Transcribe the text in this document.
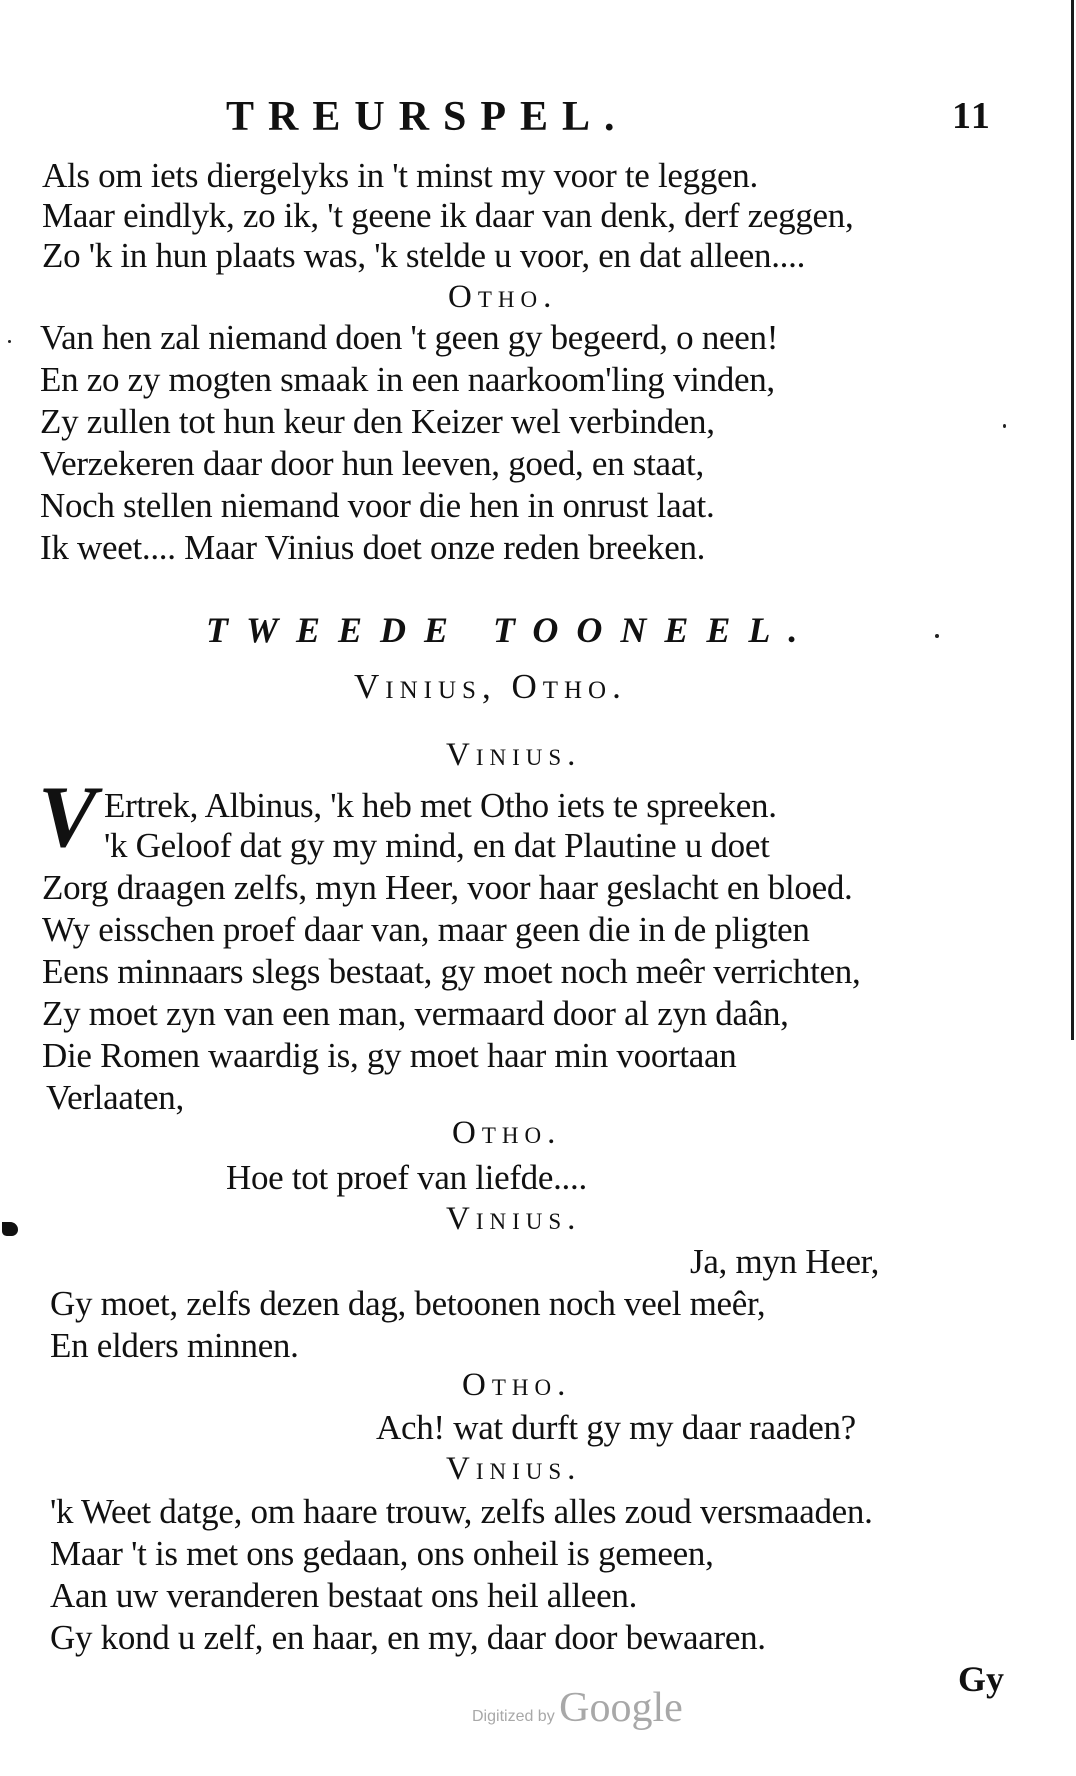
TREURSPEL.	11
Als om iets diergelyks in 't minst my voor te leggen.
Maar eindlyk, zo ik, 't geene ik daar van denk, derf zeggen,
Zo 'k in hun plaats was, 'k stelde u voor, en dat alleen....
Otho.
Van hen zal niemand doen 't geen gy begeerd, o neen!
En zo zy mogten smaak in een naarkoom'ling vinden,
Zy zullen tot hun keur den Keizer wel verbinden,
Verzekeren daar door hun leeven, goed, en staat,
Noch stellen niemand voor die hen in onrust laat.
Ik weet.... Maar Vinius doet onze reden breeken.
TWEEDE TOONEEL.
Vinius, Otho.
Vinius.
V Ertrek, Albinus, 'k heb met Otho iets te spreeken.
'k Geloof dat gy my mind, en dat Plautine u doet
Zorg draagen zelfs, myn Heer, voor haar geslacht en bloed.
Wy eisschen proef daar van, maar geen die in de pligten
Eens minnaars slegs bestaat, gy moet noch meêr verrichten,
Zy moet zyn van een man, vermaard door al zyn daân,
Die Romen waardig is, gy moet haar min voortaan
Verlaaten,
Otho.
Hoe tot proef van liefde....
Vinius.
Ja, myn Heer,
Gy moet, zelfs dezen dag, betoonen noch veel meêr,
En elders minnen.
Otho.
Ach! wat durft gy my daar raaden?
Vinius.
'k Weet datge, om haare trouw, zelfs alles zoud versmaaden.
Maar 't is met ons gedaan, ons onheil is gemeen,
Aan uw veranderen bestaat ons heil alleen.
Gy kond u zelf, en haar, en my, daar door bewaaren.
Gy
Digitized by Google
